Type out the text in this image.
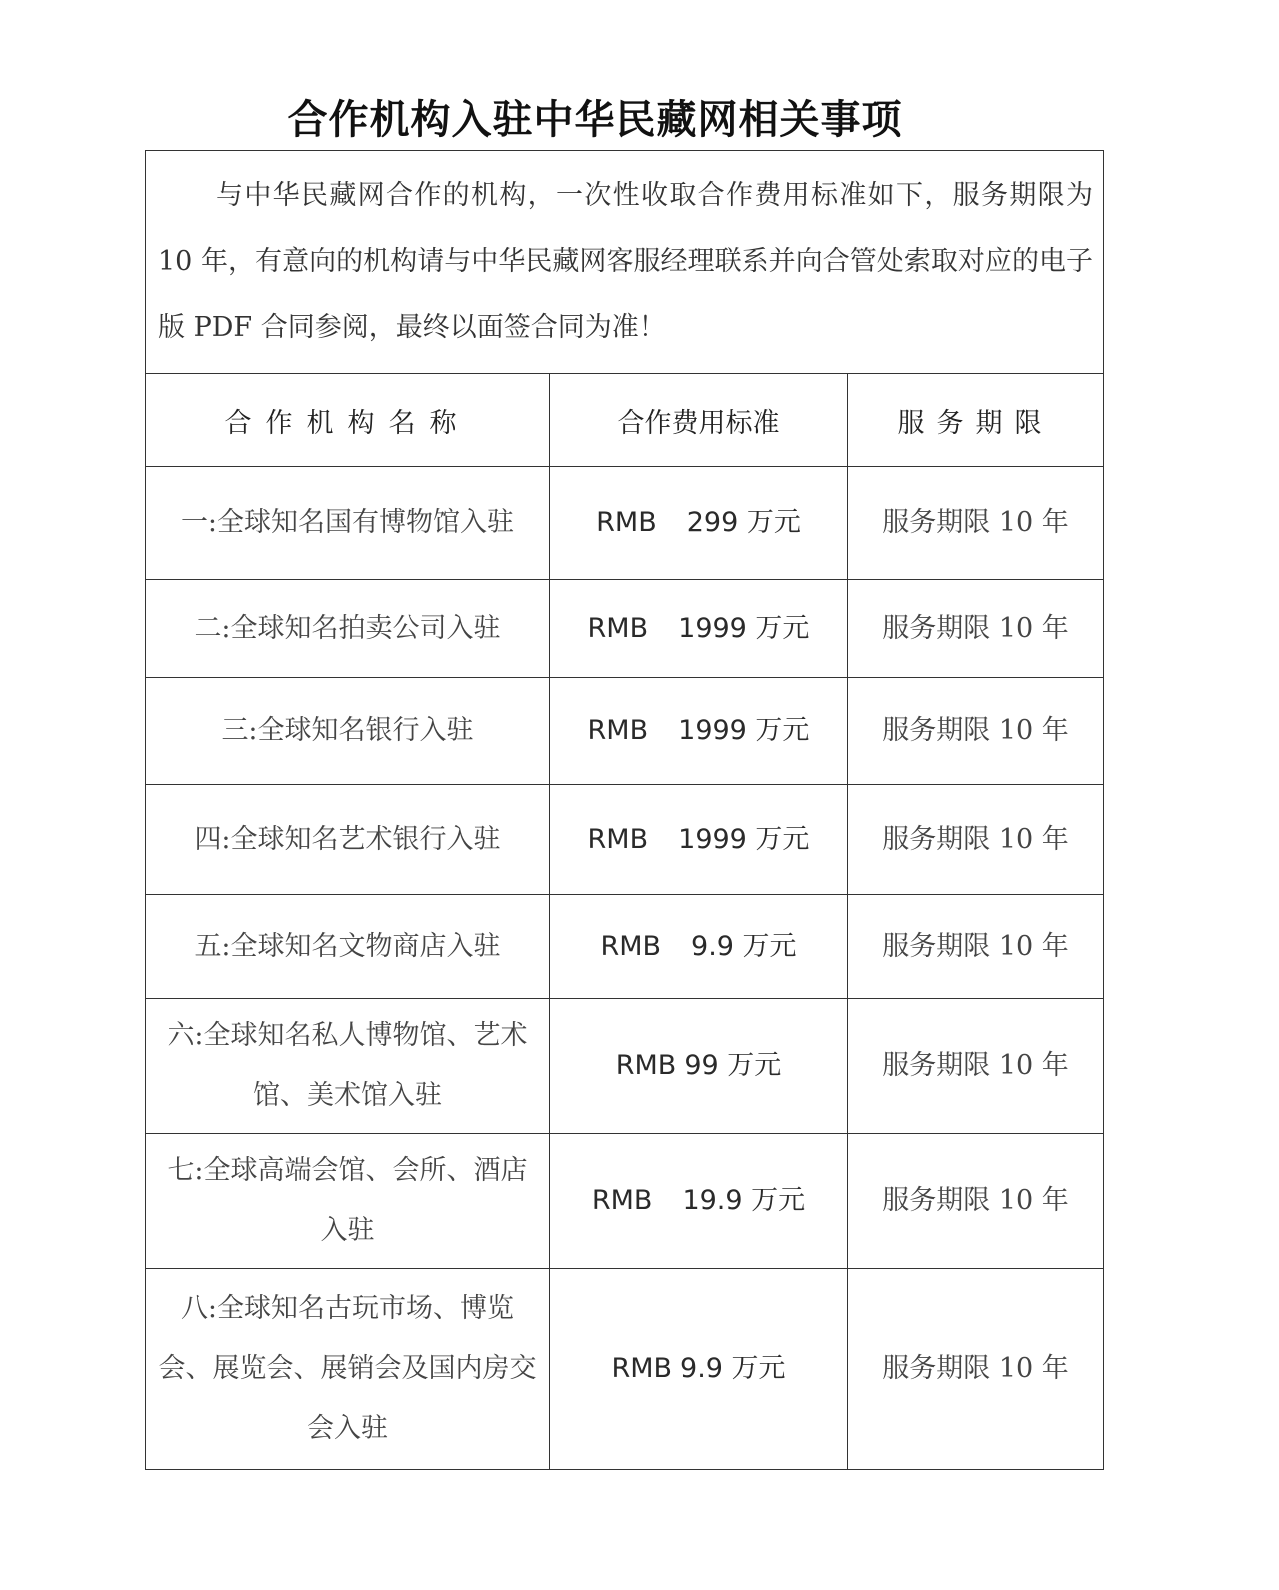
合作机构入驻中华民藏网相关事项
与中华民藏网合作的机构，一次性收取合作费用标准如下，服务期限为 10 年，有意向的机构请与中华民藏网客服经理联系并向合管处索取对应的电子版 PDF 合同参阅，最终以面签合同为准！		
合作机构名称	合作费用标准	服务期限
一:全球知名国有博物馆入驻	RMB 299 万元	服务期限 10 年
二:全球知名拍卖公司入驻	RMB 1999 万元	服务期限 10 年
三:全球知名银行入驻	RMB 1999 万元	服务期限 10 年
四:全球知名艺术银行入驻	RMB 1999 万元	服务期限 10 年
五:全球知名文物商店入驻	RMB 9.9 万元	服务期限 10 年
六:全球知名私人博物馆、艺术馆、美术馆入驻	RMB 99 万元	服务期限 10 年
七:全球高端会馆、会所、酒店入驻	RMB 19.9 万元	服务期限 10 年
八:全球知名古玩市场、博览会、展览会、展销会及国内房交会入驻	RMB 9.9 万元	服务期限 10 年
